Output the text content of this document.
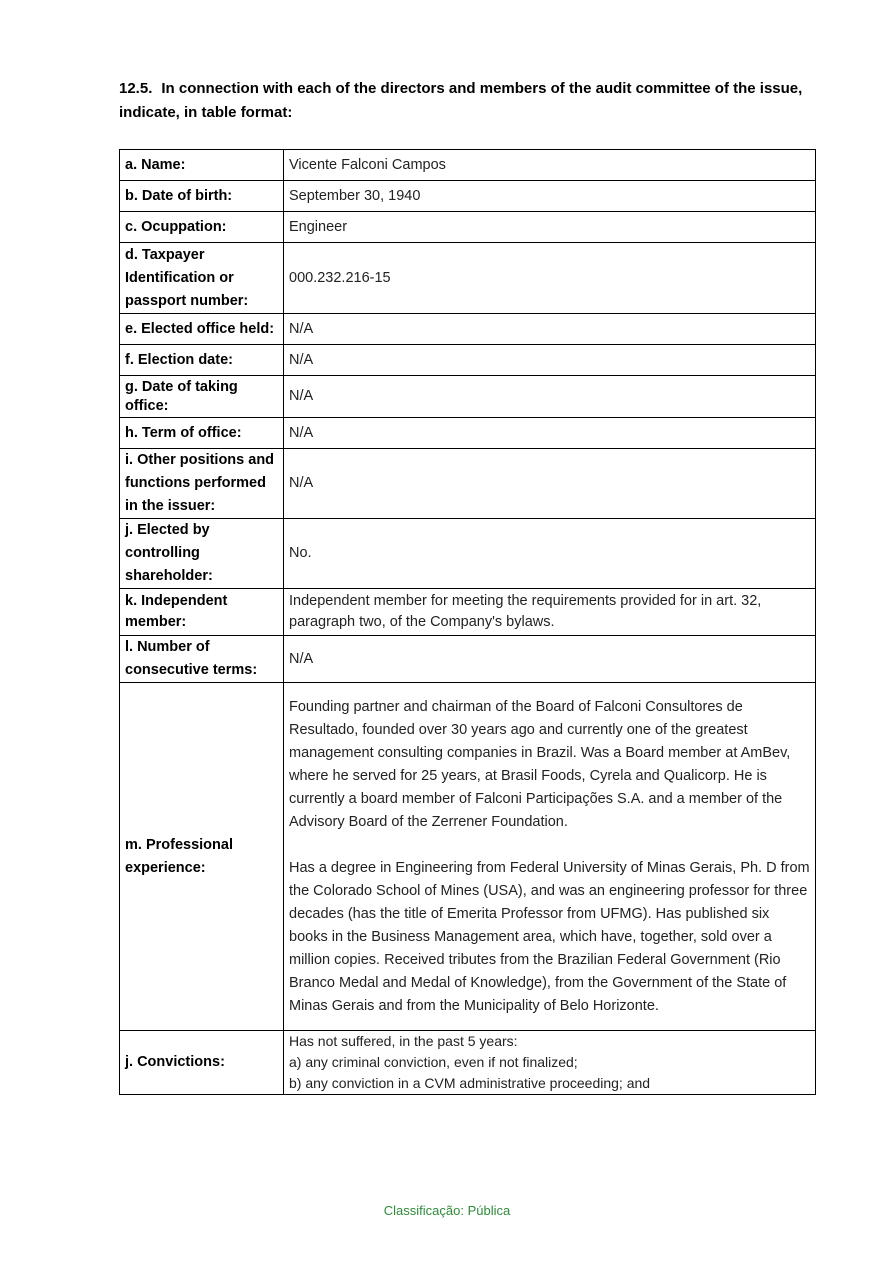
12.5. In connection with each of the directors and members of the audit committee of the issue, indicate, in table format:
a. Name:	Vicente Falconi Campos
b. Date of birth:	September 30, 1940
c. Ocuppation:	Engineer
d. Taxpayer Identification or passport number:	000.232.216-15
e. Elected office held:	N/A
f. Election date:	N/A
g. Date of taking office:	N/A
h. Term of office:	N/A
i. Other positions and functions performed in the issuer:	N/A
j. Elected by controlling shareholder:	No.
k. Independent member:	Independent member for meeting the requirements provided for in art. 32, paragraph two, of the Company's bylaws.
l. Number of consecutive terms:	N/A
m. Professional experience:	Founding partner and chairman of the Board of Falconi Consultores de Resultado, founded over 30 years ago and currently one of the greatest management consulting companies in Brazil. Was a Board member at AmBev, where he served for 25 years, at Brasil Foods, Cyrela and Qualicorp. He is currently a board member of Falconi Participações S.A. and a member of the Advisory Board of the Zerrener Foundation.

Has a degree in Engineering from Federal University of Minas Gerais, Ph. D from the Colorado School of Mines (USA), and was an engineering professor for three decades (has the title of Emerita Professor from UFMG). Has published six books in the Business Management area, which have, together, sold over a million copies. Received tributes from the Brazilian Federal Government (Rio Branco Medal and Medal of Knowledge), from the Government of the State of Minas Gerais and from the Municipality of Belo Horizonte.

j. Convictions:	Has not suffered, in the past 5 years:
a) any criminal conviction, even if not finalized;
b) any conviction in a CVM administrative proceeding; and
Classificação: Pública
